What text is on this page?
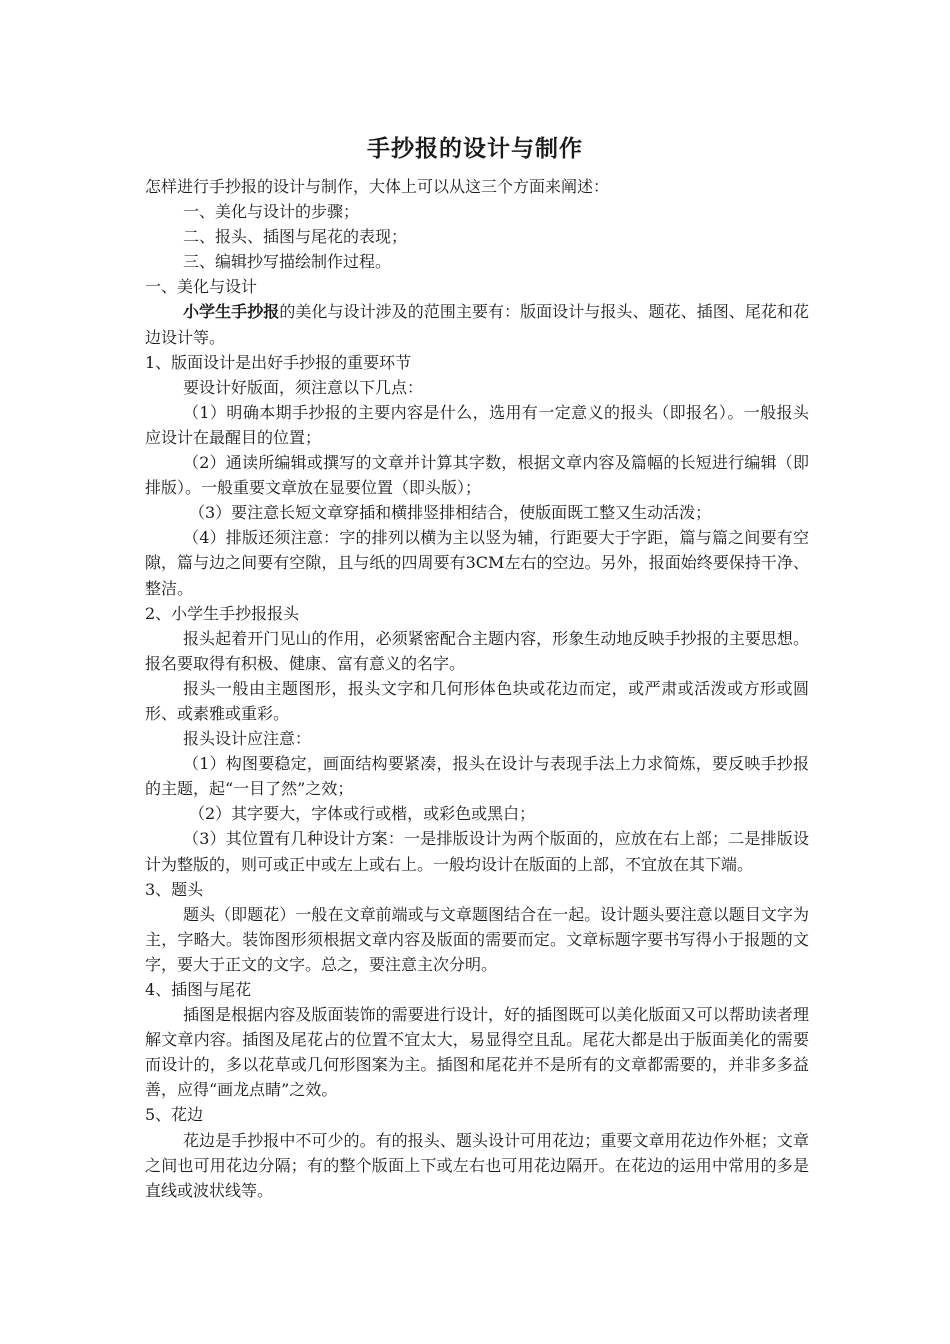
手抄报的设计与制作

怎样进行手抄报的设计与制作，大体上可以从这三个方面来阐述：

一、美化与设计的步骤；

二、报头、插图与尾花的表现；

三、编辑抄写描绘制作过程。

一、美化与设计

小学生手抄报的美化与设计涉及的范围主要有：版面设计与报头、题花、插图、尾花和花边设计等。

1、版面设计是出好手抄报的重要环节

要设计好版面，须注意以下几点：

（1）明确本期手抄报的主要内容是什么，选用有一定意义的报头（即报名）。一般报头应设计在最醒目的位置；

（2）通读所编辑或撰写的文章并计算其字数，根据文章内容及篇幅的长短进行编辑（即排版）。一般重要文章放在显要位置（即头版）；

（3）要注意长短文章穿插和横排竖排相结合，使版面既工整又生动活泼；

（4）排版还须注意：字的排列以横为主以竖为辅，行距要大于字距，篇与篇之间要有空隙，篇与边之间要有空隙，且与纸的四周要有3CM左右的空边。另外，报面始终要保持干净、整洁。

2、小学生手抄报报头

报头起着开门见山的作用，必须紧密配合主题内容，形象生动地反映手抄报的主要思想。报名要取得有积极、健康、富有意义的名字。

报头一般由主题图形，报头文字和几何形体色块或花边而定，或严肃或活泼或方形或圆形、或素雅或重彩。

报头设计应注意：

（1）构图要稳定，画面结构要紧凑，报头在设计与表现手法上力求简炼，要反映手抄报的主题，起“一目了然”之效；

（2）其字要大，字体或行或楷，或彩色或黑白；

（3）其位置有几种设计方案：一是排版设计为两个版面的，应放在右上部；二是排版设计为整版的，则可或正中或左上或右上。一般均设计在版面的上部，不宜放在其下端。

3、题头

题头（即题花）一般在文章前端或与文章题图结合在一起。设计题头要注意以题目文字为主，字略大。装饰图形须根据文章内容及版面的需要而定。文章标题字要书写得小于报题的文字，要大于正文的文字。总之，要注意主次分明。

4、插图与尾花

插图是根据内容及版面装饰的需要进行设计，好的插图既可以美化版面又可以帮助读者理解文章内容。插图及尾花占的位置不宜太大，易显得空且乱。尾花大都是出于版面美化的需要而设计的，多以花草或几何形图案为主。插图和尾花并不是所有的文章都需要的，并非多多益善，应得“画龙点睛”之效。

5、花边

花边是手抄报中不可少的。有的报头、题头设计可用花边；重要文章用花边作外框；文章之间也可用花边分隔；有的整个版面上下或左右也可用花边隔开。在花边的运用中常用的多是直线或波状线等。
